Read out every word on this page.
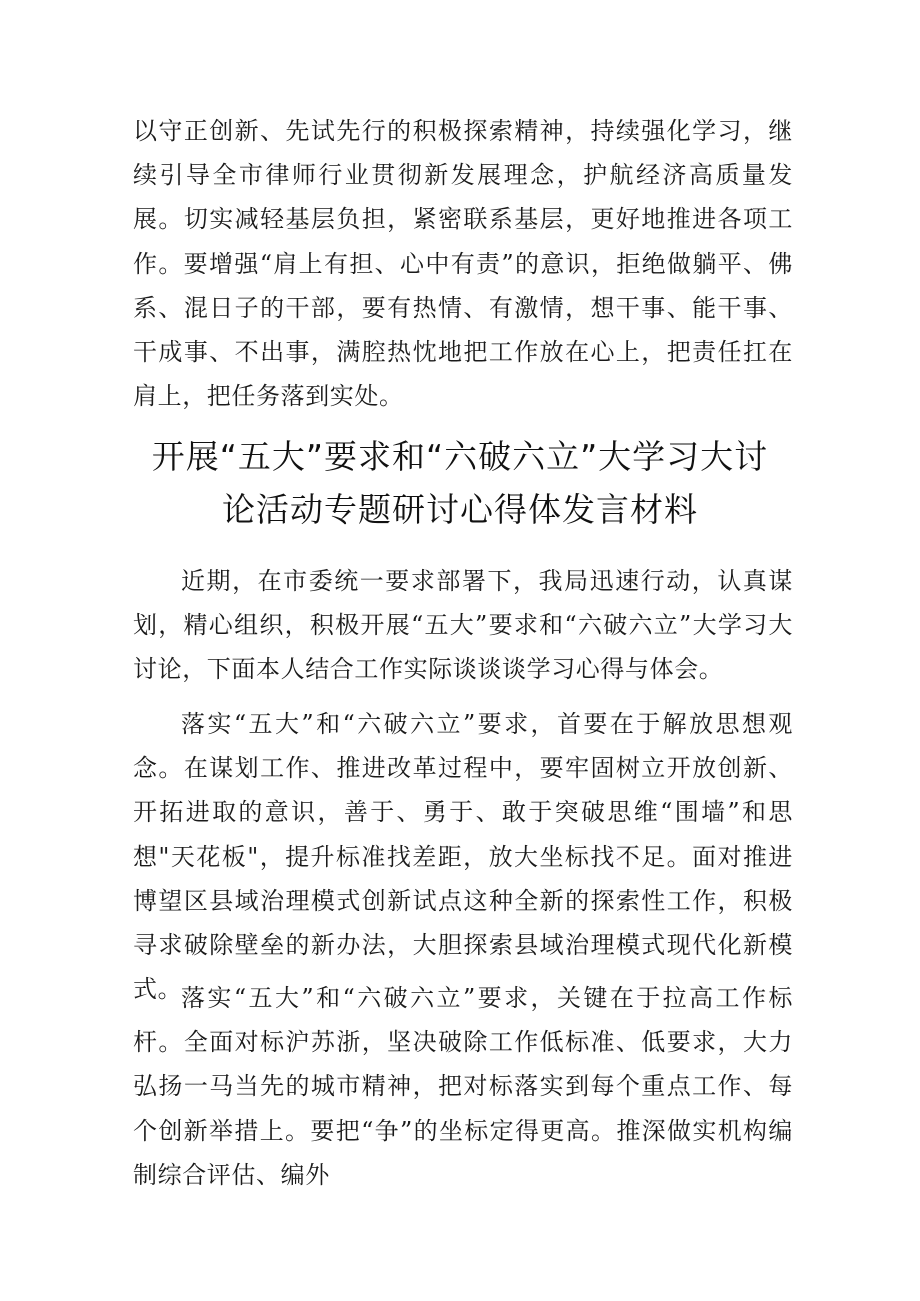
以守正创新、先试先行的积极探索精神，持续强化学习，继续引导全市律师行业贯彻新发展理念，护航经济高质量发展。切实减轻基层负担，紧密联系基层，更好地推进各项工作。要增强“肩上有担、心中有责”的意识，拒绝做躺平、佛系、混日子的干部，要有热情、有激情，想干事、能干事、干成事、不出事，满腔热忱地把工作放在心上，把责任扛在肩上，把任务落到实处。

开展“五大”要求和“六破六立”大学习大讨
论活动专题研讨心得体发言材料

近期，在市委统一要求部署下，我局迅速行动，认真谋划，精心组织，积极开展“五大”要求和“六破六立”大学习大讨论，下面本人结合工作实际谈谈谈学习心得与体会。

落实“五大”和“六破六立”要求，首要在于解放思想观念。在谋划工作、推进改革过程中，要牢固树立开放创新、开拓进取的意识，善于、勇于、敢于突破思维“围墙”和思想"天花板"，提升标准找差距，放大坐标找不足。面对推进博望区县域治理模式创新试点这种全新的探索性工作，积极寻求破除壁垒的新办法，大胆探索县域治理模式现代化新模式。

落实“五大”和“六破六立”要求，关键在于拉高工作标杆。全面对标沪苏浙，坚决破除工作低标准、低要求，大力弘扬一马当先的城市精神，把对标落实到每个重点工作、每个创新举措上。要把“争”的坐标定得更高。推深做实机构编制综合评估、编外
